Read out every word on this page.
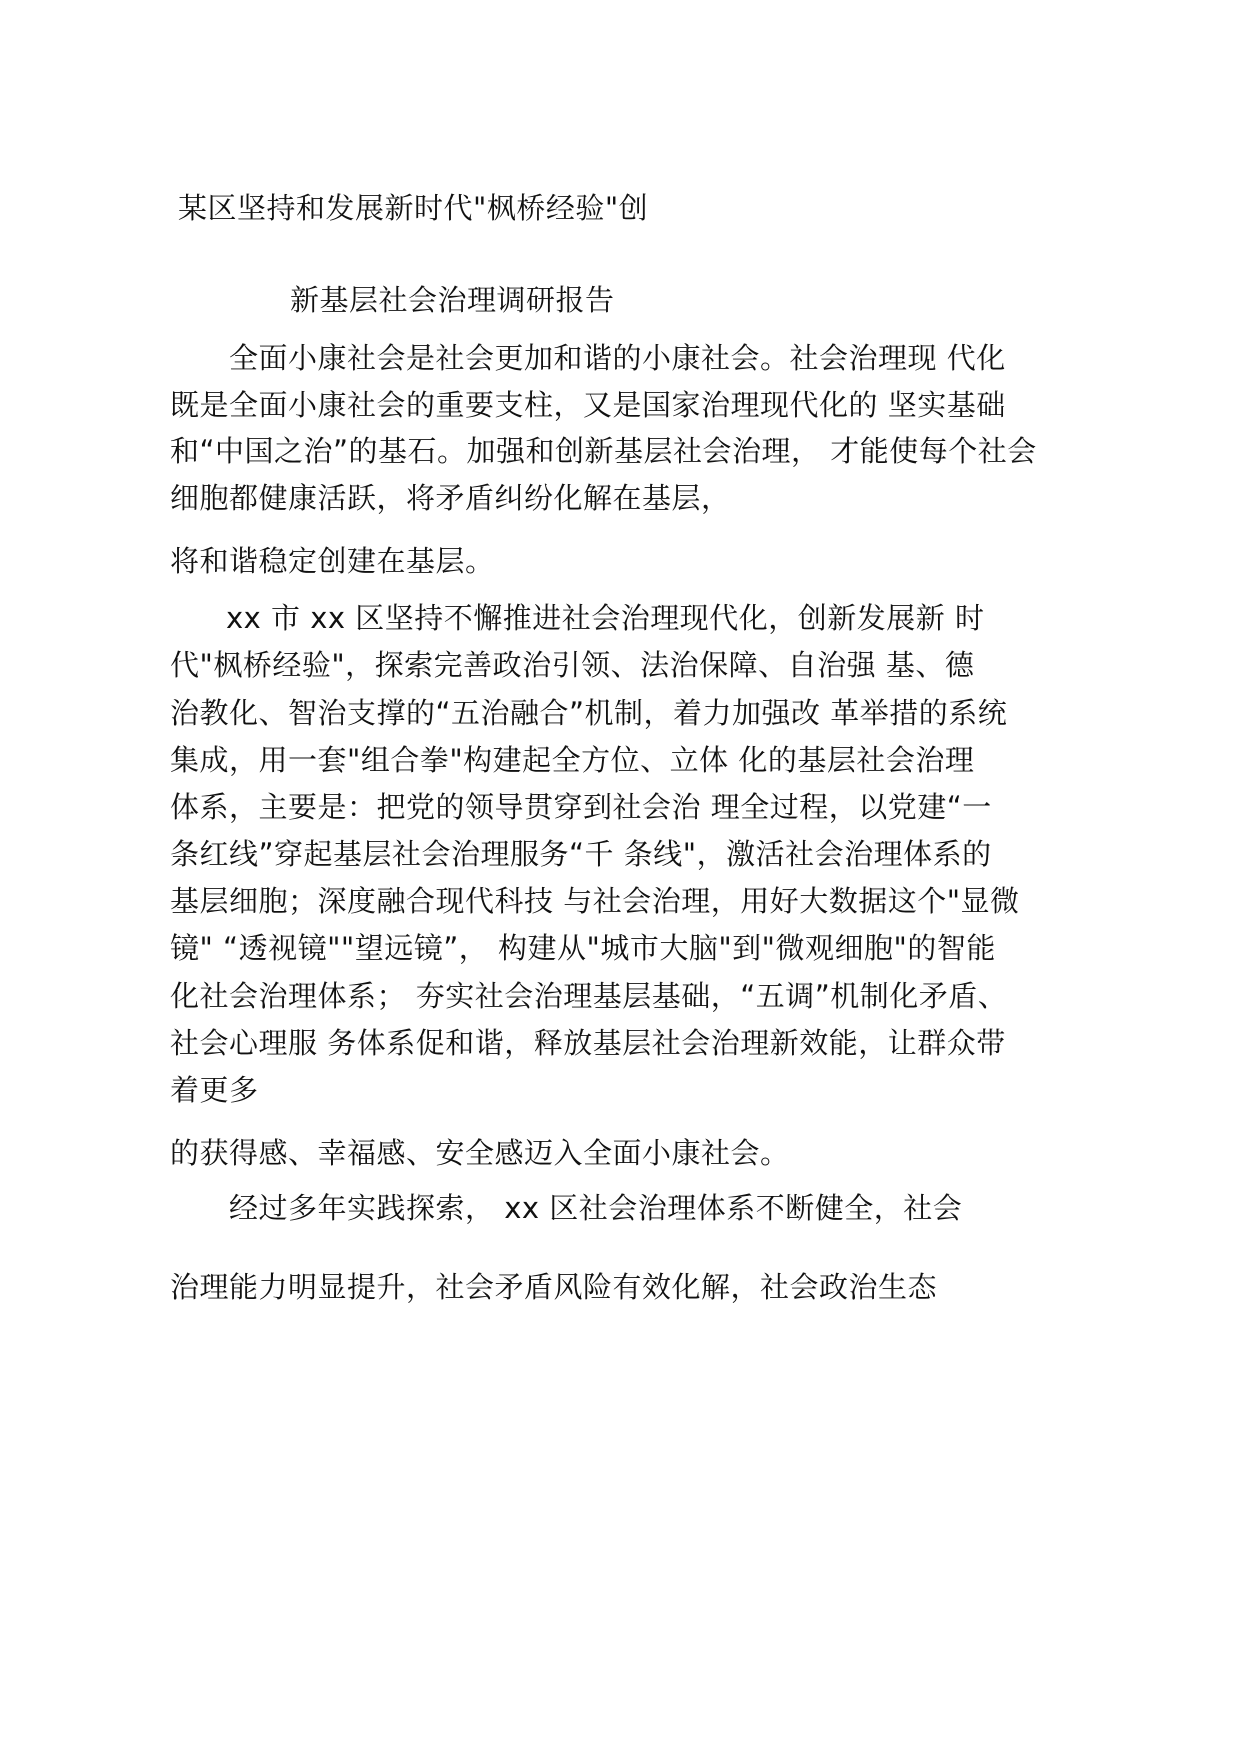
某区坚持和发展新时代"枫桥经验"创
新基层社会治理调研报告
全面小康社会是社会更加和谐的小康社会。社会治理现 代化
既是全面小康社会的重要支柱，又是国家治理现代化的 坚实基础
和“中国之治”的基石。加强和创新基层社会治理， 才能使每个社会
细胞都健康活跃，将矛盾纠纷化解在基层，
将和谐稳定创建在基层。
xx 市 xx 区坚持不懈推进社会治理现代化，创新发展新 时
代"枫桥经验"，探索完善政治引领、法治保障、自治强 基、德
治教化、智治支撑的“五治融合”机制，着力加强改 革举措的系统
集成，用一套"组合拳"构建起全方位、立体 化的基层社会治理
体系，主要是：把党的领导贯穿到社会治 理全过程，以党建“一
条红线”穿起基层社会治理服务“千 条线"，激活社会治理体系的
基层细胞；深度融合现代科技 与社会治理，用好大数据这个"显微
镜" “透视镜""望远镜”， 构建从"城市大脑"到"微观细胞"的智能
化社会治理体系； 夯实社会治理基层基础，“五调”机制化矛盾、
社会心理服 务体系促和谐，释放基层社会治理新效能，让群众带
着更多
的获得感、幸福感、安全感迈入全面小康社会。
经过多年实践探索， xx 区社会治理体系不断健全，社会
治理能力明显提升，社会矛盾风险有效化解，社会政治生态
